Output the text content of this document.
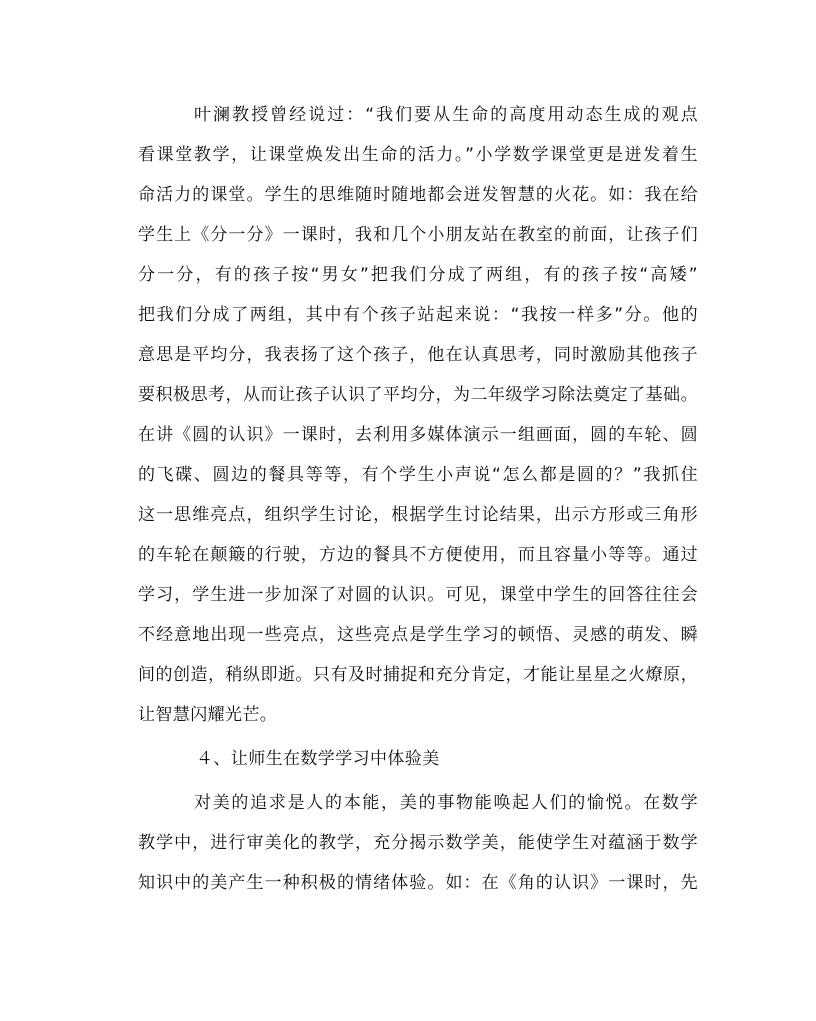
叶澜教授曾经说过：“我们要从生命的高度用动态生成的观点
看课堂教学，让课堂焕发出生命的活力。”小学数学课堂更是迸发着生
命活力的课堂。学生的思维随时随地都会迸发智慧的火花。如：我在给
学生上《分一分》一课时，我和几个小朋友站在教室的前面，让孩子们
分一分，有的孩子按“男女”把我们分成了两组，有的孩子按“高矮”
把我们分成了两组，其中有个孩子站起来说：“我按一样多”分。他的
意思是平均分，我表扬了这个孩子，他在认真思考，同时激励其他孩子
要积极思考，从而让孩子认识了平均分，为二年级学习除法奠定了基础。
在讲《圆的认识》一课时，去利用多媒体演示一组画面，圆的车轮、圆
的飞碟、圆边的餐具等等，有个学生小声说“怎么都是圆的？”我抓住
这一思维亮点，组织学生讨论，根据学生讨论结果，出示方形或三角形
的车轮在颠簸的行驶，方边的餐具不方便使用，而且容量小等等。通过
学习，学生进一步加深了对圆的认识。可见，课堂中学生的回答往往会
不经意地出现一些亮点，这些亮点是学生学习的顿悟、灵感的萌发、瞬
间的创造，稍纵即逝。只有及时捕捉和充分肯定，才能让星星之火燎原，
让智慧闪耀光芒。
４、让师生在数学学习中体验美
对美的追求是人的本能，美的事物能唤起人们的愉悦。在数学
教学中，进行审美化的教学，充分揭示数学美，能使学生对蕴涵于数学
知识中的美产生一种积极的情绪体验。如：在《角的认识》一课时，先
